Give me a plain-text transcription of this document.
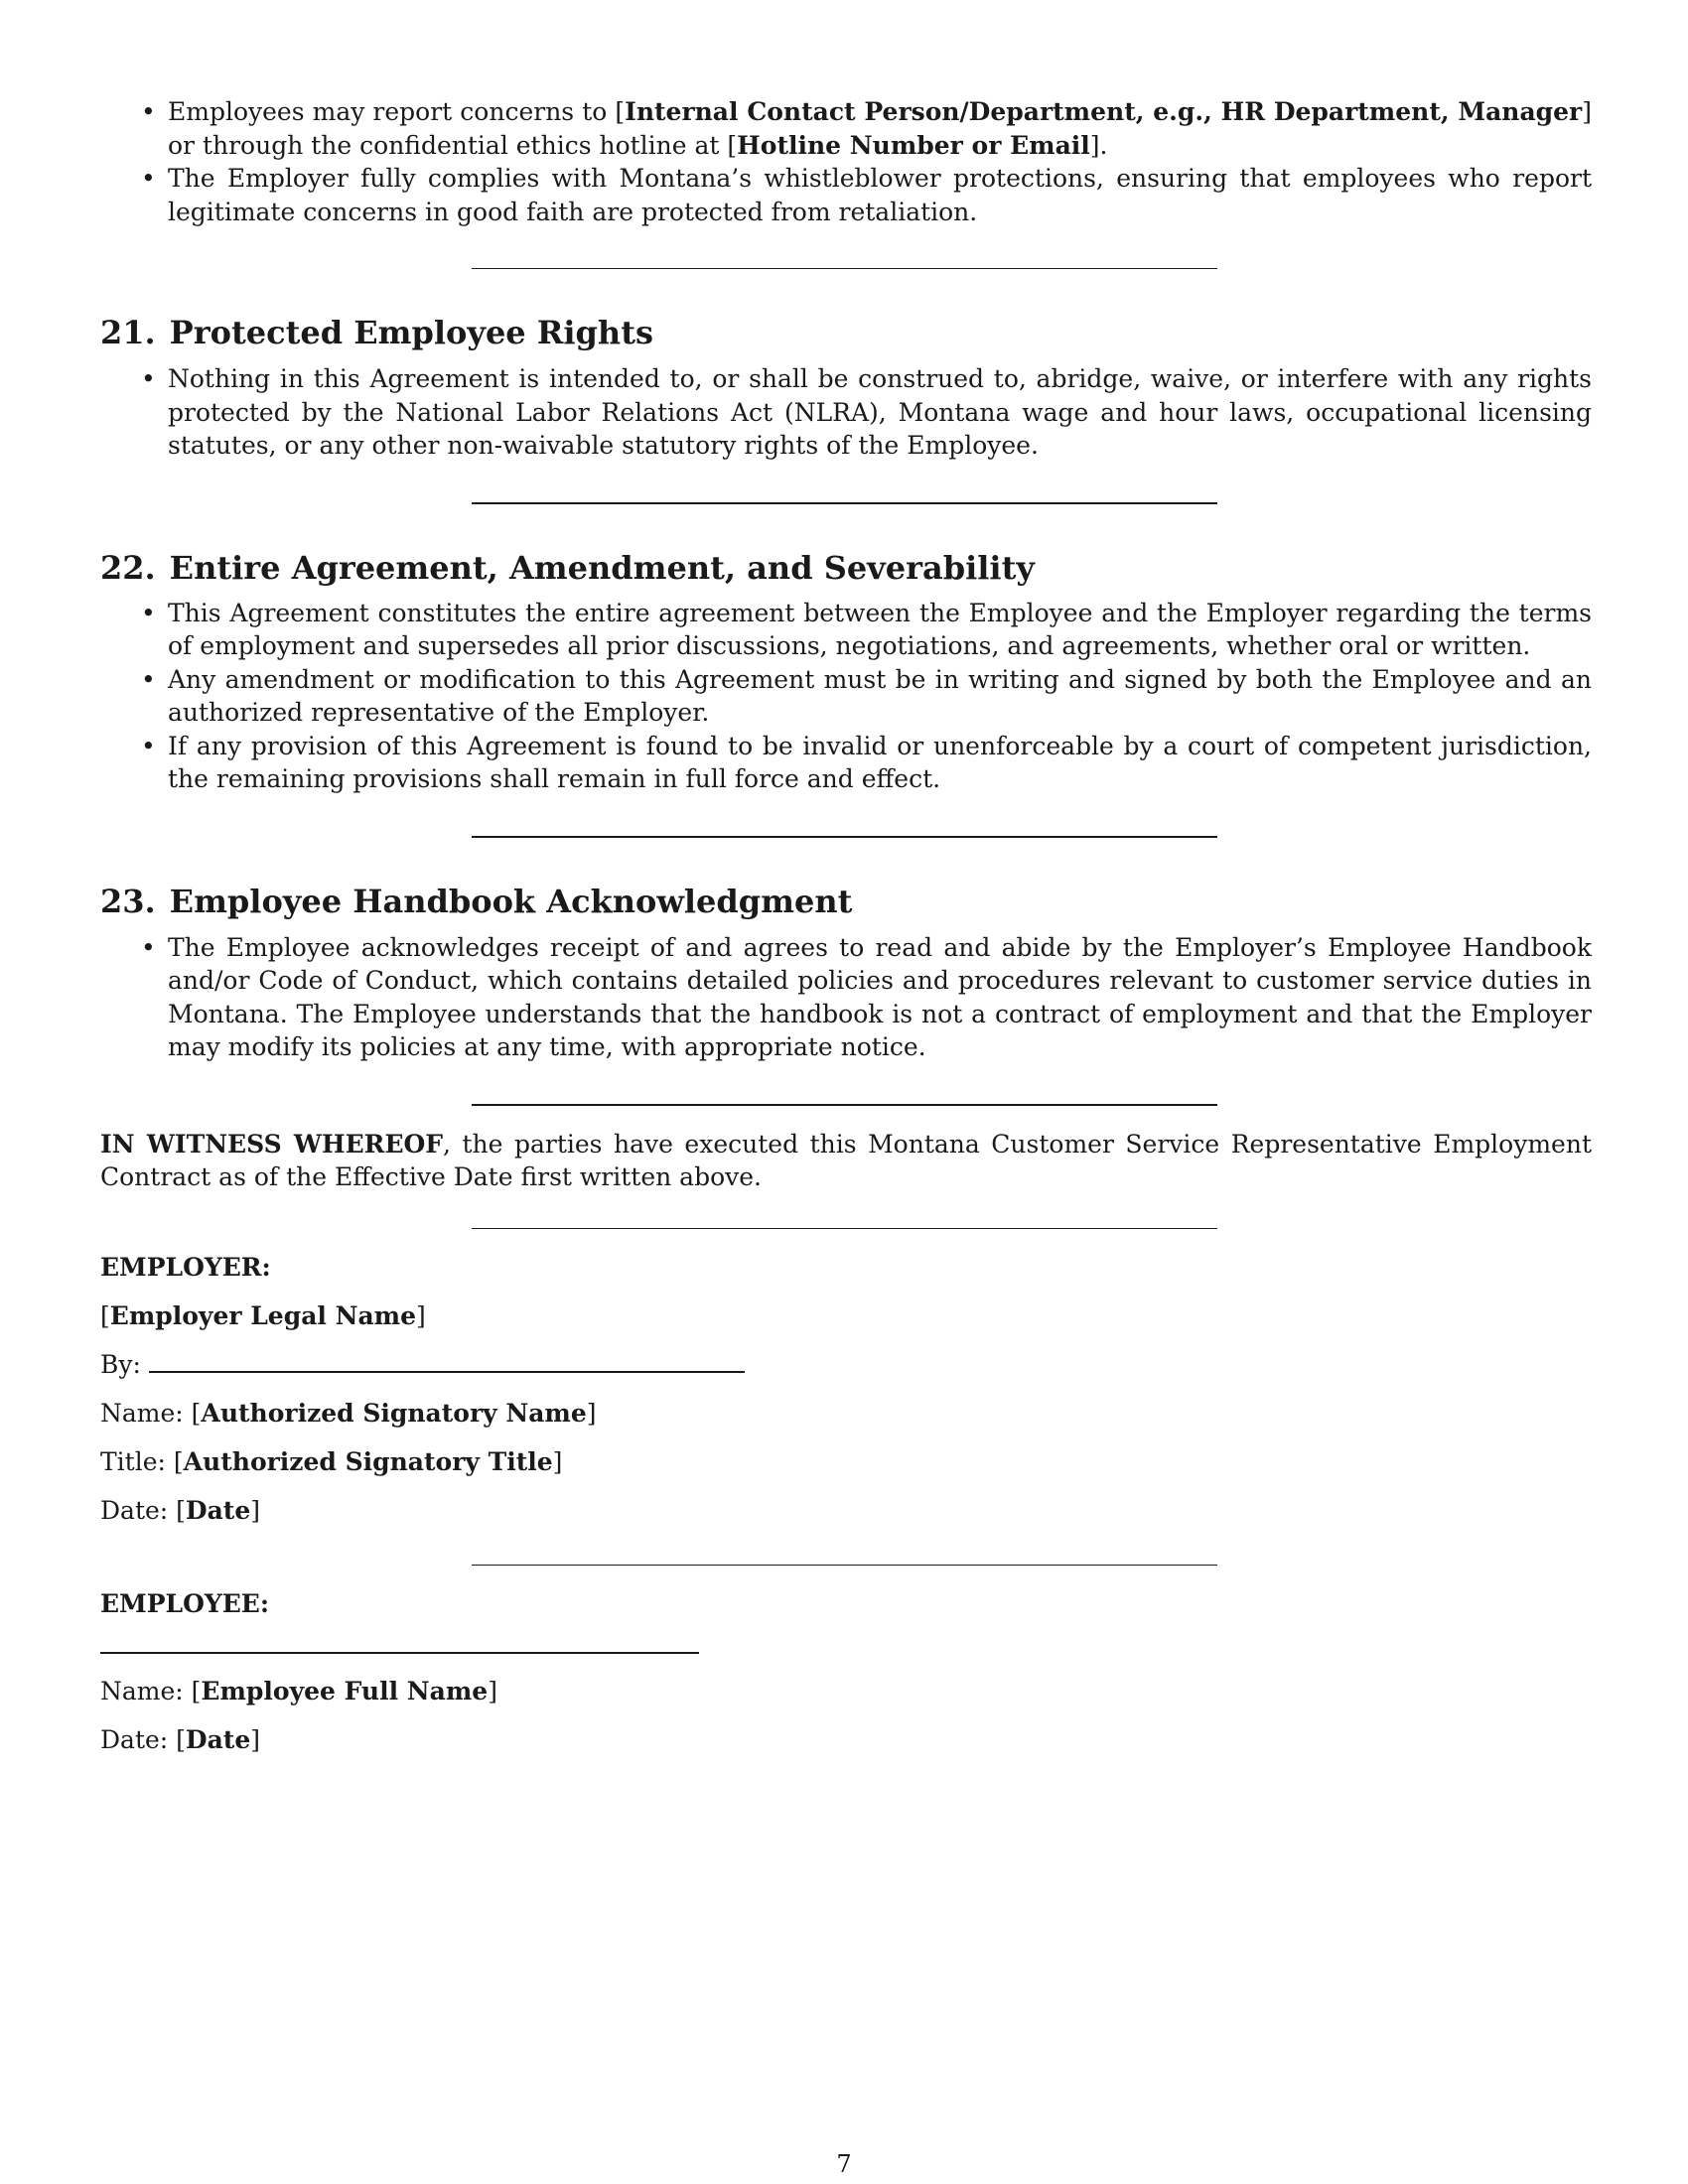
• Employees may report concerns to [Internal Contact Person/Department, e.g., HR Department, Manager] or through the confidential ethics hotline at [Hotline Number or Email].
• The Employer fully complies with Montana’s whistleblower protections, ensuring that employees who report legitimate concerns in good faith are protected from retaliation.
21. Protected Employee Rights
• Nothing in this Agreement is intended to, or shall be construed to, abridge, waive, or interfere with any rights protected by the National Labor Relations Act (NLRA), Montana wage and hour laws, occupational licensing statutes, or any other non-waivable statutory rights of the Employee.
22. Entire Agreement, Amendment, and Severability
• This Agreement constitutes the entire agreement between the Employee and the Employer regarding the terms of employment and supersedes all prior discussions, negotiations, and agreements, whether oral or written.
• Any amendment or modification to this Agreement must be in writing and signed by both the Employee and an authorized representative of the Employer.
• If any provision of this Agreement is found to be invalid or unenforceable by a court of competent jurisdiction, the remaining provisions shall remain in full force and effect.
23. Employee Handbook Acknowledgment
• The Employee acknowledges receipt of and agrees to read and abide by the Employer’s Employee Handbook and/or Code of Conduct, which contains detailed policies and procedures relevant to customer service duties in Montana. The Employee understands that the handbook is not a contract of employment and that the Employer may modify its policies at any time, with appropriate notice.

IN WITNESS WHEREOF, the parties have executed this Montana Customer Service Representative Employment Contract as of the Effective Date first written above.

EMPLOYER:

[Employer Legal Name]

By:

Name: [Authorized Signatory Name]

Title: [Authorized Signatory Title]

Date: [Date]

EMPLOYEE:

Name: [Employee Full Name]

Date: [Date]

7
